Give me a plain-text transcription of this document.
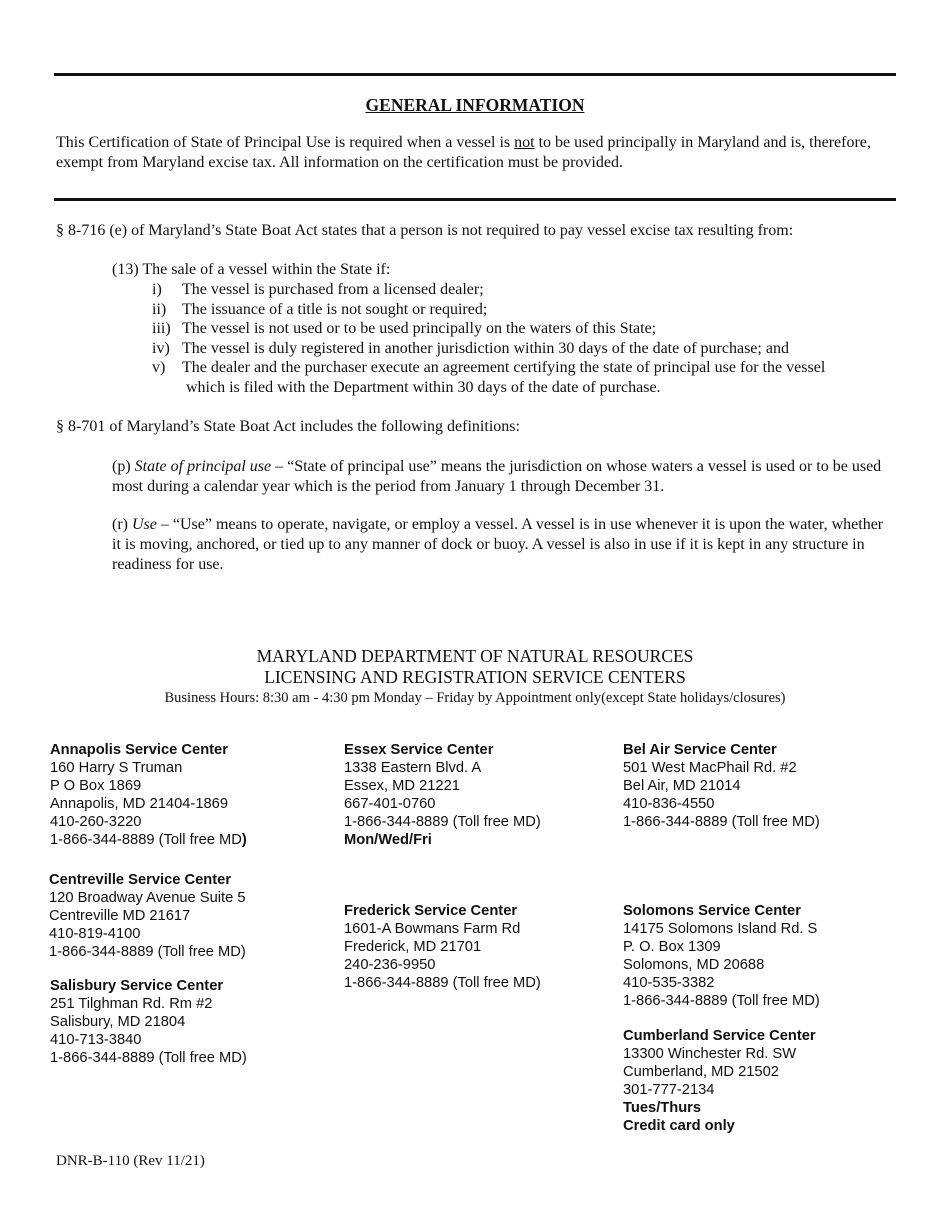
GENERAL INFORMATION
This Certification of State of Principal Use is required when a vessel is not to be used principally in Maryland and is, therefore, exempt from Maryland excise tax. All information on the certification must be provided.
§ 8-716 (e) of Maryland’s State Boat Act states that a person is not required to pay vessel excise tax resulting from:
(13) The sale of a vessel within the State if:
i) The vessel is purchased from a licensed dealer;
ii) The issuance of a title is not sought or required;
iii) The vessel is not used or to be used principally on the waters of this State;
iv) The vessel is duly registered in another jurisdiction within 30 days of the date of purchase; and
v) The dealer and the purchaser execute an agreement certifying the state of principal use for the vessel
which is filed with the Department within 30 days of the date of purchase.
§ 8-701 of Maryland’s State Boat Act includes the following definitions:
(p) State of principal use – “State of principal use” means the jurisdiction on whose waters a vessel is used or to be used most during a calendar year which is the period from January 1 through December 31.
(r) Use – “Use” means to operate, navigate, or employ a vessel. A vessel is in use whenever it is upon the water, whether it is moving, anchored, or tied up to any manner of dock or buoy. A vessel is also in use if it is kept in any structure in readiness for use.
MARYLAND DEPARTMENT OF NATURAL RESOURCES
LICENSING AND REGISTRATION SERVICE CENTERS
Business Hours: 8:30 am - 4:30 pm Monday – Friday by Appointment only(except State holidays/closures)
Annapolis Service Center
160 Harry S Truman
P O Box 1869
Annapolis, MD 21404-1869
410-260-3220
1-866-344-8889 (Toll free MD)
Centreville Service Center
120 Broadway Avenue Suite 5
Centreville MD 21617
410-819-4100
1-866-344-8889 (Toll free MD)
Salisbury Service Center
251 Tilghman Rd. Rm #2
Salisbury, MD 21804
410-713-3840
1-866-344-8889 (Toll free MD)
Essex Service Center
1338 Eastern Blvd. A
Essex, MD 21221
667-401-0760
1-866-344-8889 (Toll free MD)
Mon/Wed/Fri
Frederick Service Center
1601-A Bowmans Farm Rd
Frederick, MD 21701
240-236-9950
1-866-344-8889 (Toll free MD)
Bel Air Service Center
501 West MacPhail Rd. #2
Bel Air, MD 21014
410-836-4550
1-866-344-8889 (Toll free MD)
Solomons Service Center
14175 Solomons Island Rd. S
P. O. Box 1309
Solomons, MD 20688
410-535-3382
1-866-344-8889 (Toll free MD)
Cumberland Service Center
13300 Winchester Rd. SW
Cumberland, MD 21502
301-777-2134
Tues/Thurs
Credit card only
DNR-B-110 (Rev 11/21)
